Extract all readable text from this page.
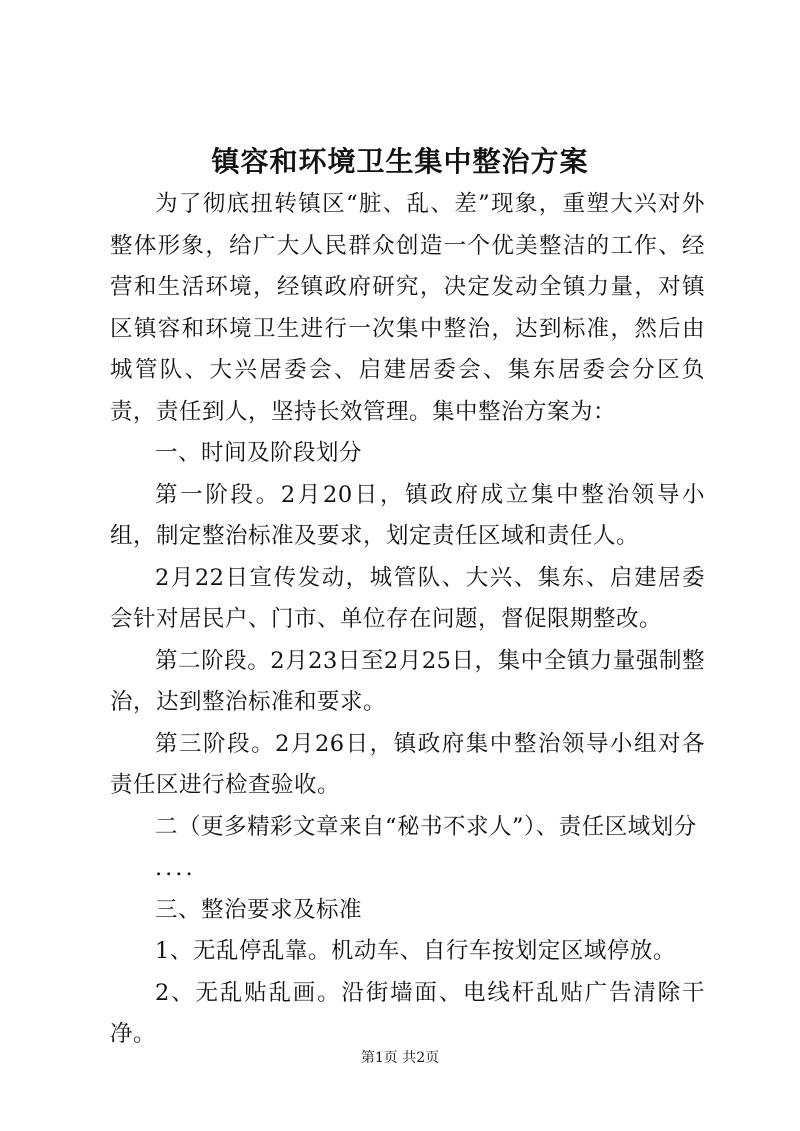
镇容和环境卫生集中整治方案

为了彻底扭转镇区“脏、乱、差”现象，重塑大兴对外整体形象，给广大人民群众创造一个优美整洁的工作、经营和生活环境，经镇政府研究，决定发动全镇力量，对镇区镇容和环境卫生进行一次集中整治，达到标准，然后由城管队、大兴居委会、启建居委会、集东居委会分区负责，责任到人，坚持长效管理。集中整治方案为：

一、时间及阶段划分

第一阶段。2月20日，镇政府成立集中整治领导小组，制定整治标准及要求，划定责任区域和责任人。

2月22日宣传发动，城管队、大兴、集东、启建居委会针对居民户、门市、单位存在问题，督促限期整改。

第二阶段。2月23日至2月25日，集中全镇力量强制整治，达到整治标准和要求。

第三阶段。2月26日，镇政府集中整治领导小组对各责任区进行检查验收。

二（更多精彩文章来自“秘书不求人”）、责任区域划分

....

三、整治要求及标准

1、无乱停乱靠。机动车、自行车按划定区域停放。

2、无乱贴乱画。沿街墙面、电线杆乱贴广告清除干净。

第1页 共2页
